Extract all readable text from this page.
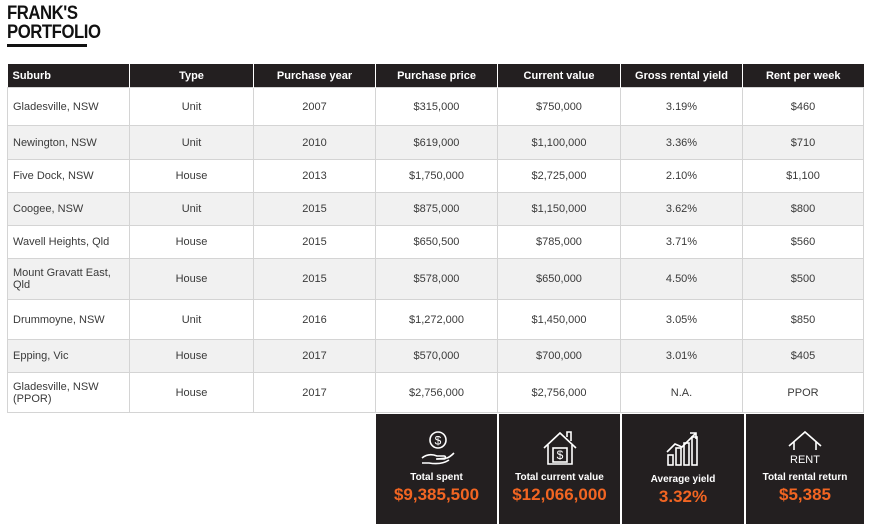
FRANK'S
PORTFOLIO
Suburb	Type	Purchase year	Purchase price	Current value	Gross rental yield	Rent per week
Gladesville, NSW	Unit	2007	$315,000	$750,000	3.19%	$460
Newington, NSW	Unit	2010	$619,000	$1,100,000	3.36%	$710
Five Dock, NSW	House	2013	$1,750,000	$2,725,000	2.10%	$1,100
Coogee, NSW	Unit	2015	$875,000	$1,150,000	3.62%	$800
Wavell Heights, Qld	House	2015	$650,500	$785,000	3.71%	$560
Mount Gravatt East, Qld	House	2015	$578,000	$650,000	4.50%	$500
Drummoyne, NSW	Unit	2016	$1,272,000	$1,450,000	3.05%	$850
Epping, Vic	House	2017	$570,000	$700,000	3.01%	$405
Gladesville, NSW (PPOR)	House	2017	$2,756,000	$2,756,000	N.A.	PPOR
$
Total spent
$9,385,500
$
Total current value
$12,066,000
Average yield
3.32%
RENT
Total rental return
$5,385
